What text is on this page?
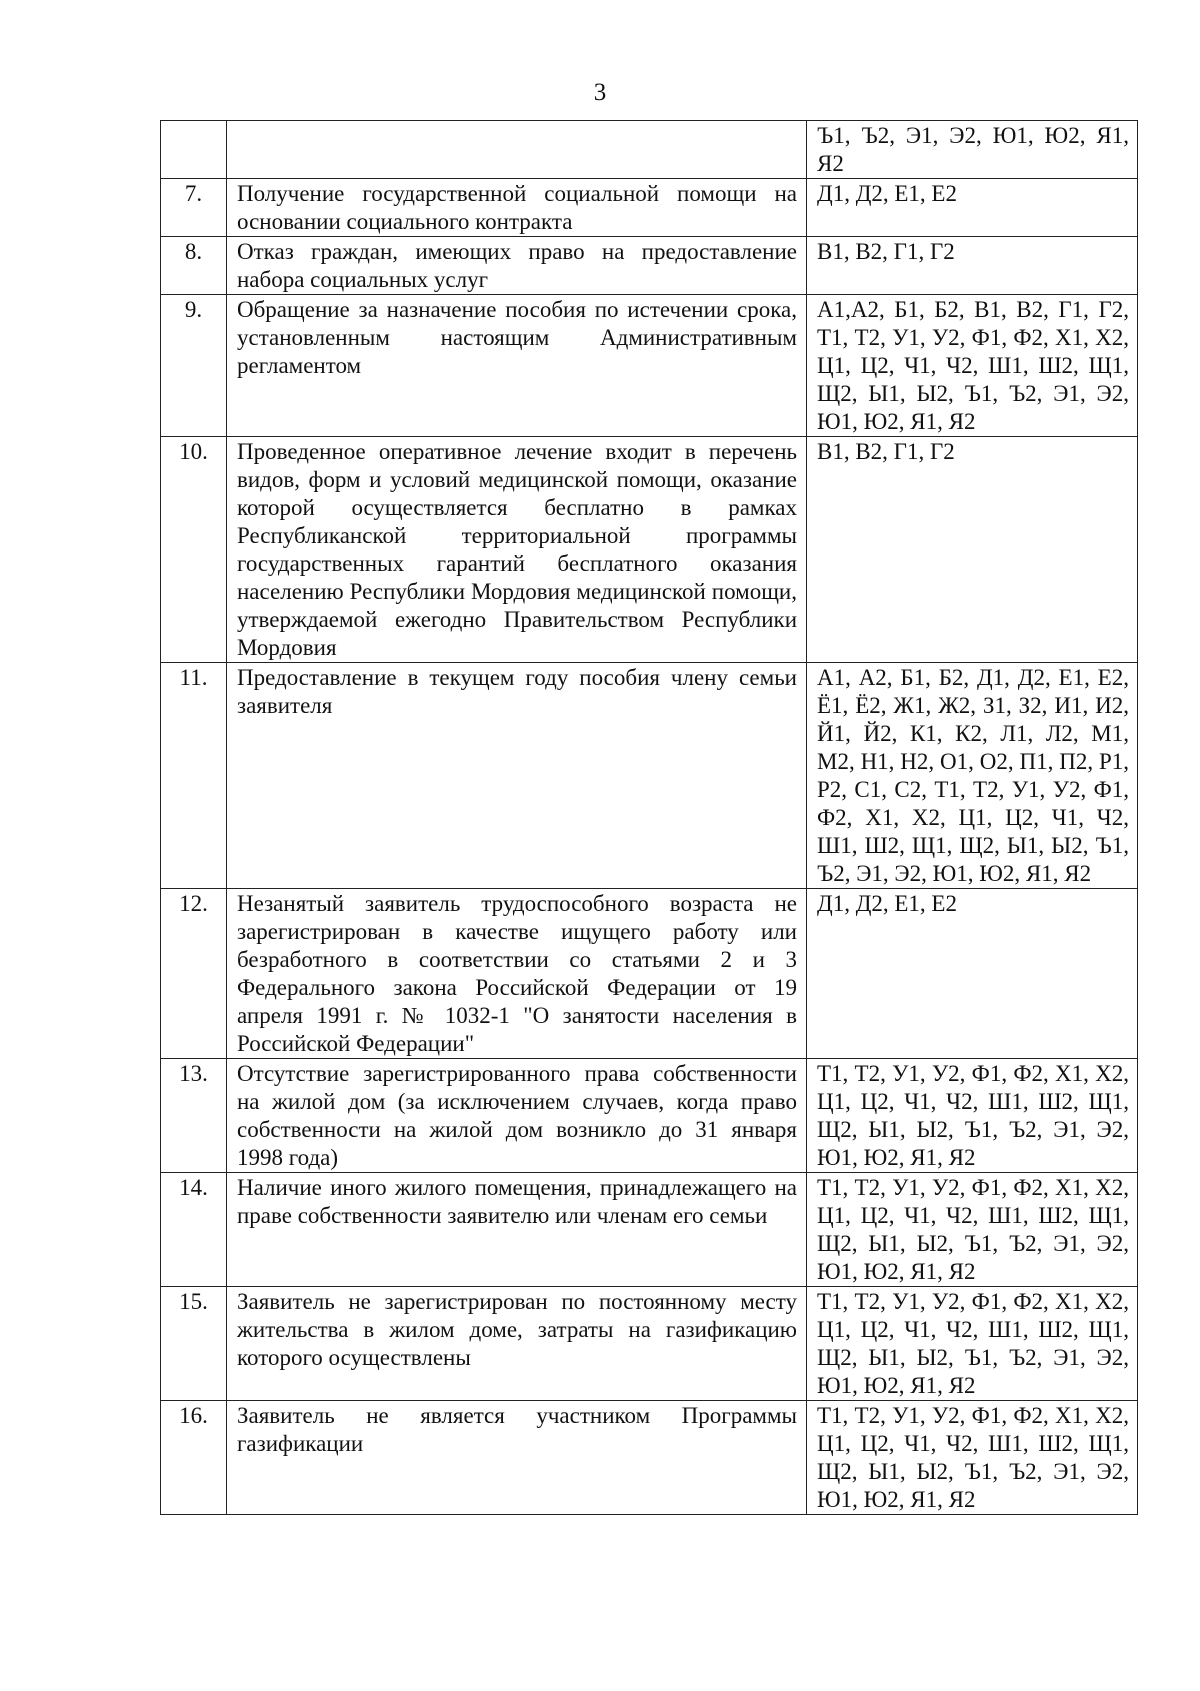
3
		Ъ1, Ъ2, Э1, Э2, Ю1, Ю2, Я1, Я2
7.	Получение государственной социальной помощи на основании социального контракта	Д1, Д2, Е1, Е2
8.	Отказ граждан, имеющих право на предоставление набора социальных услуг	В1, В2, Г1, Г2
9.	Обращение за назначение пособия по истечении срока, установленным настоящим Административным регламентом	А1,А2, Б1, Б2, В1, В2, Г1, Г2, Т1, Т2, У1, У2, Ф1, Ф2, Х1, Х2, Ц1, Ц2, Ч1, Ч2, Ш1, Ш2, Щ1, Щ2, Ы1, Ы2, Ъ1, Ъ2, Э1, Э2, Ю1, Ю2, Я1, Я2
10.	Проведенное оперативное лечение входит в перечень видов, форм и условий медицинской помощи, оказание которой осуществляется бесплатно в рамках Республиканской территориальной программы государственных гарантий бесплатного оказания населению Республики Мордовия медицинской помощи, утверждаемой ежегодно Правительством Республики Мордовия	В1, В2, Г1, Г2
11.	Предоставление в текущем году пособия члену семьи заявителя	А1, А2, Б1, Б2, Д1, Д2, Е1, Е2, Ё1, Ё2, Ж1, Ж2, З1, З2, И1, И2, Й1, Й2, К1, К2, Л1, Л2, М1, М2, Н1, Н2, О1, О2, П1, П2, Р1, Р2, С1, С2, Т1, Т2, У1, У2, Ф1, Ф2, Х1, Х2, Ц1, Ц2, Ч1, Ч2, Ш1, Ш2, Щ1, Щ2, Ы1, Ы2, Ъ1, Ъ2, Э1, Э2, Ю1, Ю2, Я1, Я2
12.	Незанятый заявитель трудоспособного возраста не зарегистрирован в качестве ищущего работу или безработного в соответствии со статьями 2 и 3 Федерального закона Российской Федерации от 19 апреля 1991 г. № 1032-1 "О занятости населения в Российской Федерации"	Д1, Д2, Е1, Е2
13.	Отсутствие зарегистрированного права собственности на жилой дом (за исключением случаев, когда право собственности на жилой дом возникло до 31 января 1998 года)	Т1, Т2, У1, У2, Ф1, Ф2, Х1, Х2, Ц1, Ц2, Ч1, Ч2, Ш1, Ш2, Щ1, Щ2, Ы1, Ы2, Ъ1, Ъ2, Э1, Э2, Ю1, Ю2, Я1, Я2
14.	Наличие иного жилого помещения, принадлежащего на праве собственности заявителю или членам его семьи	Т1, Т2, У1, У2, Ф1, Ф2, Х1, Х2, Ц1, Ц2, Ч1, Ч2, Ш1, Ш2, Щ1, Щ2, Ы1, Ы2, Ъ1, Ъ2, Э1, Э2, Ю1, Ю2, Я1, Я2
15.	Заявитель не зарегистрирован по постоянному месту жительства в жилом доме, затраты на газификацию которого осуществлены	Т1, Т2, У1, У2, Ф1, Ф2, Х1, Х2, Ц1, Ц2, Ч1, Ч2, Ш1, Ш2, Щ1, Щ2, Ы1, Ы2, Ъ1, Ъ2, Э1, Э2, Ю1, Ю2, Я1, Я2
16.	Заявитель не является участником Программы газификации	Т1, Т2, У1, У2, Ф1, Ф2, Х1, Х2, Ц1, Ц2, Ч1, Ч2, Ш1, Ш2, Щ1, Щ2, Ы1, Ы2, Ъ1, Ъ2, Э1, Э2, Ю1, Ю2, Я1, Я2
